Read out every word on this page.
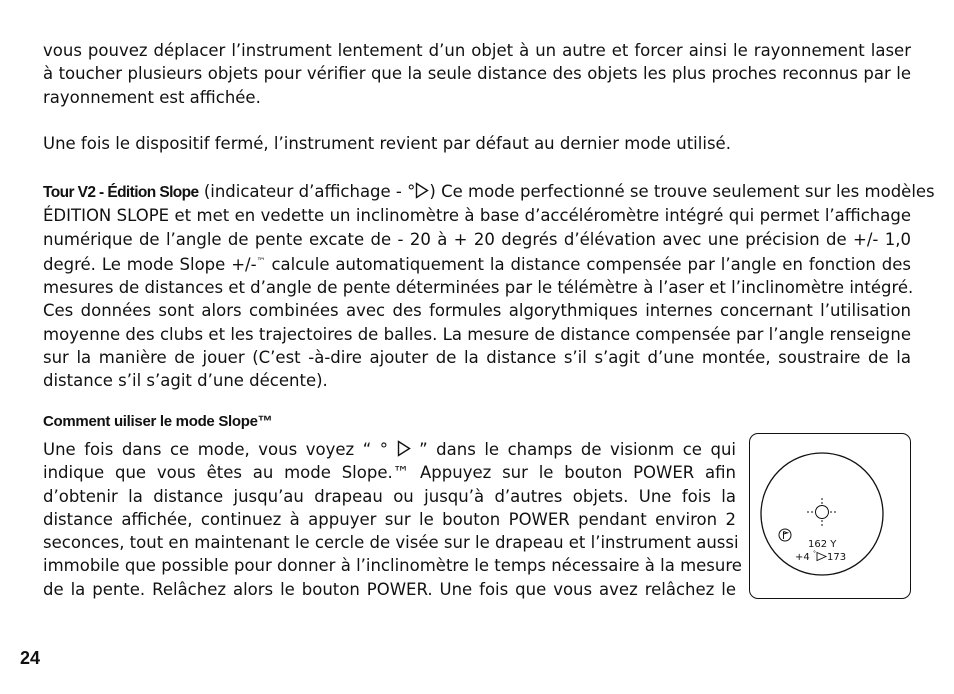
vous pouvez déplacer l’instrument lentement d’un objet à un autre et forcer ainsi le rayonnement laser
à toucher plusieurs objets pour vérifier que la seule distance des objets les plus proches reconnus par le
rayonnement est affichée.
Une fois le dispositif fermé, l’instrument revient par défaut au dernier mode utilisé.
Tour V2 - Édition Slope (indicateur d’affichage - ° ) Ce mode perfectionné se trouve seulement sur les modèles
ÉDITION SLOPE et met en vedette un inclinomètre à base d’accéléromètre intégré qui permet l’affichage
numérique de l’angle de pente excate de - 20 à + 20 degrés d’élévation avec une précision de +/- 1,0
degré. Le mode Slope +/-™ calcule automatiquement la distance compensée par l’angle en fonction des
mesures de distances et d’angle de pente déterminées par le télémètre à l’aser et l’inclinomètre intégré.
Ces données sont alors combinées avec des formules algorythmiques internes concernant l’utilisation
moyenne des clubs et les trajectoires de balles. La mesure de distance compensée par l’angle renseigne
sur la manière de jouer (C’est -à-dire ajouter de la distance s’il s’agit d’une montée, soustraire de la
distance s’il s’agit d’une décente).
Comment uiliser le mode Slope™
Une fois dans ce mode, vous voyez “ ° ” dans le champs de visionm ce qui
indique que vous êtes au mode Slope.™ Appuyez sur le bouton POWER afin
d’obtenir la distance jusqu’au drapeau ou jusqu’à d’autres objets. Une fois la
distance affichée, continuez à appuyer sur le bouton POWER pendant environ 2
seconces, tout en maintenant le cercle de visée sur le drapeau et l’instrument aussi
immobile que possible pour donner à l’inclinomètre le temps nécessaire à la mesure
de la pente. Relâchez alors le bouton POWER. Une fois que vous avez relâchez le
162 Y
+4 ° 173
24
